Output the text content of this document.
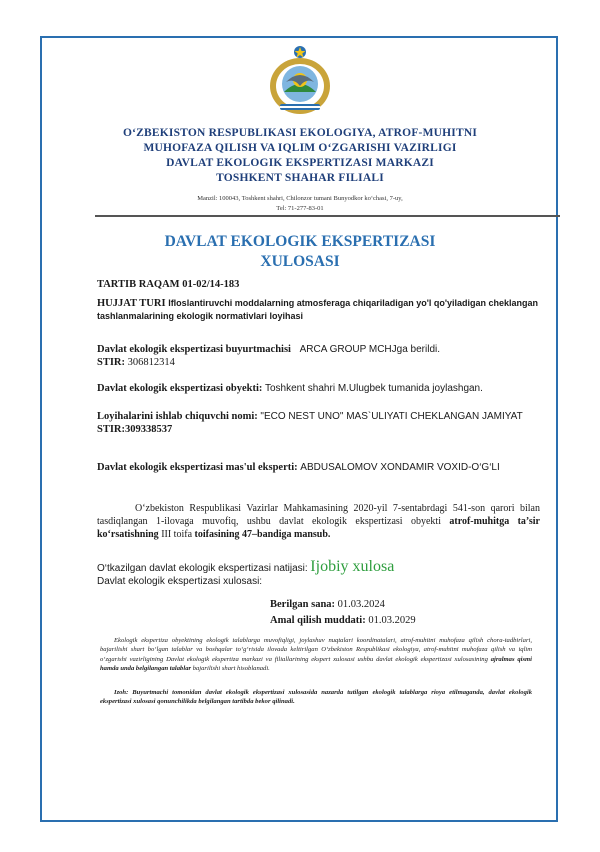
O‘ZBEKISTON RESPUBLIKASI EKOLOGIYA, ATROF-MUHITNI
MUHOFAZA QILISH VA IQLIM O‘ZGARISHI VAZIRLIGI
DAVLAT EKOLOGIK EKSPERTIZASI MARKAZI
TOSHKENT SHAHAR FILIALI
Manzil: 100043, Toshkent shahri, Chilonzor tumani Bunyodkor ko‘chasi, 7-uy,
Tel: 71-277-83-01
DAVLAT EKOLOGIK EKSPERTIZASI
XULOSASI
TARTIB RAQAM 01-02/14-183
HUJJAT TURI Ifloslantiruvchi moddalarning atmosferaga chiqariladigan yo'l qo'yiladigan cheklangan tashlanmalarining ekologik normativlari loyihasi
Davlat ekologik ekspertizasi buyurtmachisi ARCA GROUP MCHJga berildi.
STIR: 306812314
Davlat ekologik ekspertizasi obyekti: Toshkent shahri M.Ulugbek tumanida joylashgan.
Loyihalarini ishlab chiquvchi nomi: "ECO NEST UNO" MAS`ULIYATI CHEKLANGAN JAMIYAT
STIR:309338537
Davlat ekologik ekspertizasi mas'ul eksperti: ABDUSALOMOV XONDAMIR VOXID-O‘G‘LI
O‘zbekiston Respublikasi Vazirlar Mahkamasining 2020-yil 7-sentabrdagi 541-son qarori bilan tasdiqlangan 1-ilovaga muvofiq, ushbu davlat ekologik ekspertizasi obyekti atrof-muhitga ta’sir ko‘rsatishning III toifa toifasining 47–bandiga mansub.
O‘tkazilgan davlat ekologik ekspertizasi natijasi: Ijobiy xulosa
Davlat ekologik ekspertizasi xulosasi:
Berilgan sana: 01.03.2024
Amal qilish muddati: 01.03.2029
Ekologik ekspertiza obyektining ekologik talablarga muvofiqligi, joylashuv nuqtalari koordinatalari, atrof-muhitni muhofaza qilish chora-tadbirlari, bajarilishi shart bo‘lgan talablar va boshqalar to‘g‘risida ilovada keltirilgan O‘zbekiston Respublikasi ekologiya, atrof-muhitni muhofaza qilish va iqlim o‘zgarishi vazirligining Davlat ekologik ekspertiza markazi va filiallarining ekspert xulosasi ushbu davlat ekologik ekspertizasi xulosasining ajralmas qismi hamda unda belgilangan talablar bajarilishi shart hisoblanadi.
Izoh: Buyurtmachi tomonidan davlat ekologik ekspertizasi xulosasida nazarda tutilgan ekologik talablarga rioya etilmaganda, davlat ekologik ekspertizasi xulosasi qonunchilikda belgilangan tartibda bekor qilinadi.
